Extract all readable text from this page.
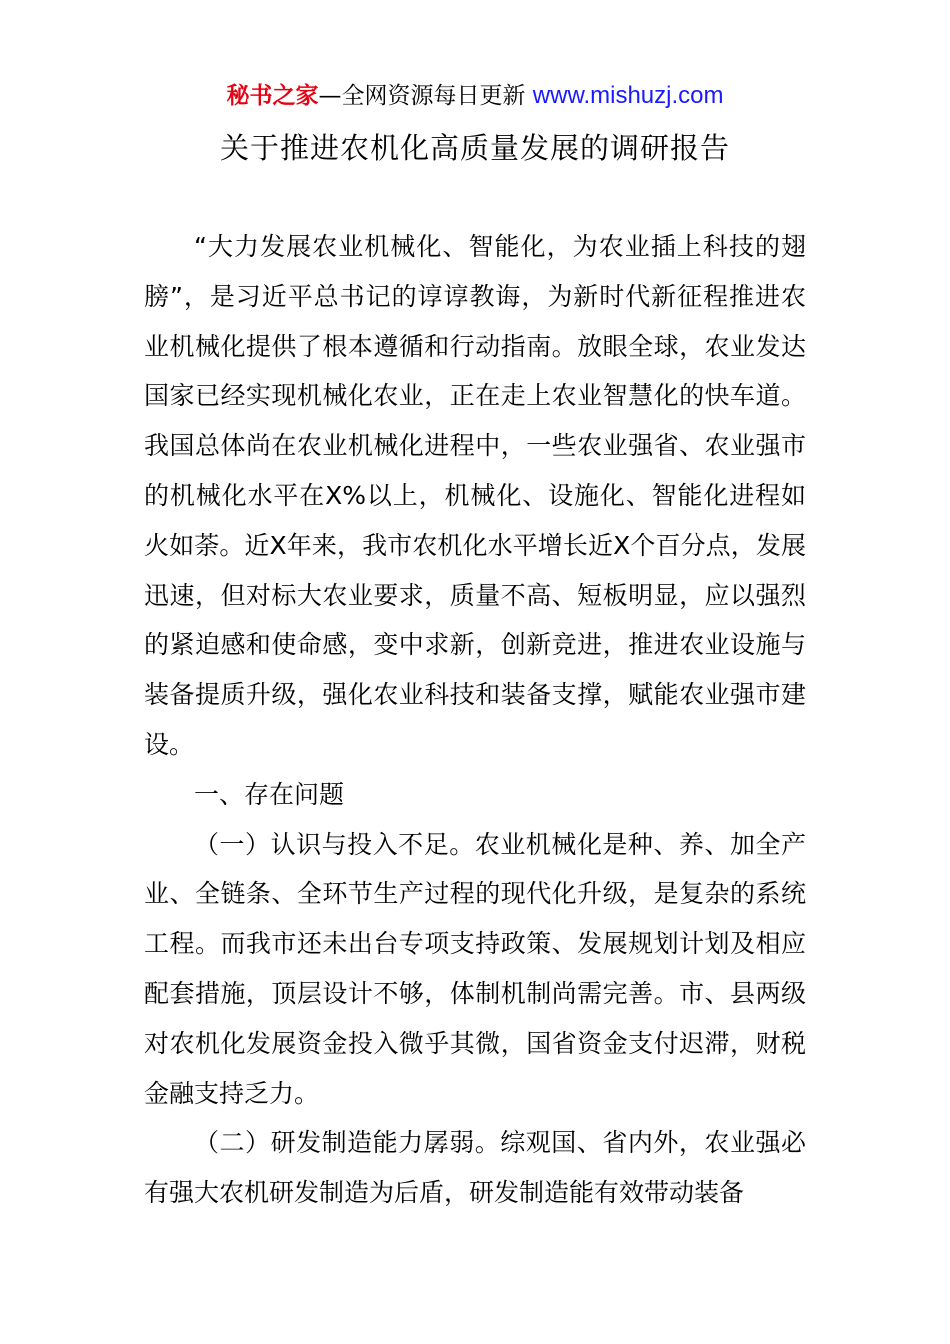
秘书之家—全网资源每日更新 www.mishuzj.com
关于推进农机化高质量发展的调研报告

“大力发展农业机械化、智能化，为农业插上科技的翅膀”，是习近平总书记的谆谆教诲，为新时代新征程推进农业机械化提供了根本遵循和行动指南。放眼全球，农业发达国家已经实现机械化农业，正在走上农业智慧化的快车道。我国总体尚在农业机械化进程中，一些农业强省、农业强市的机械化水平在X%以上，机械化、设施化、智能化进程如火如荼。近X年来，我市农机化水平增长近X个百分点，发展迅速，但对标大农业要求，质量不高、短板明显，应以强烈的紧迫感和使命感，变中求新，创新竞进，推进农业设施与装备提质升级，强化农业科技和装备支撑，赋能农业强市建设。

一、存在问题

（一）认识与投入不足。农业机械化是种、养、加全产业、全链条、全环节生产过程的现代化升级，是复杂的系统工程。而我市还未出台专项支持政策、发展规划计划及相应配套措施，顶层设计不够，体制机制尚需完善。市、县两级对农机化发展资金投入微乎其微，国省资金支付迟滞，财税金融支持乏力。

（二）研发制造能力孱弱。综观国、省内外，农业强必有强大农机研发制造为后盾，研发制造能有效带动装备
